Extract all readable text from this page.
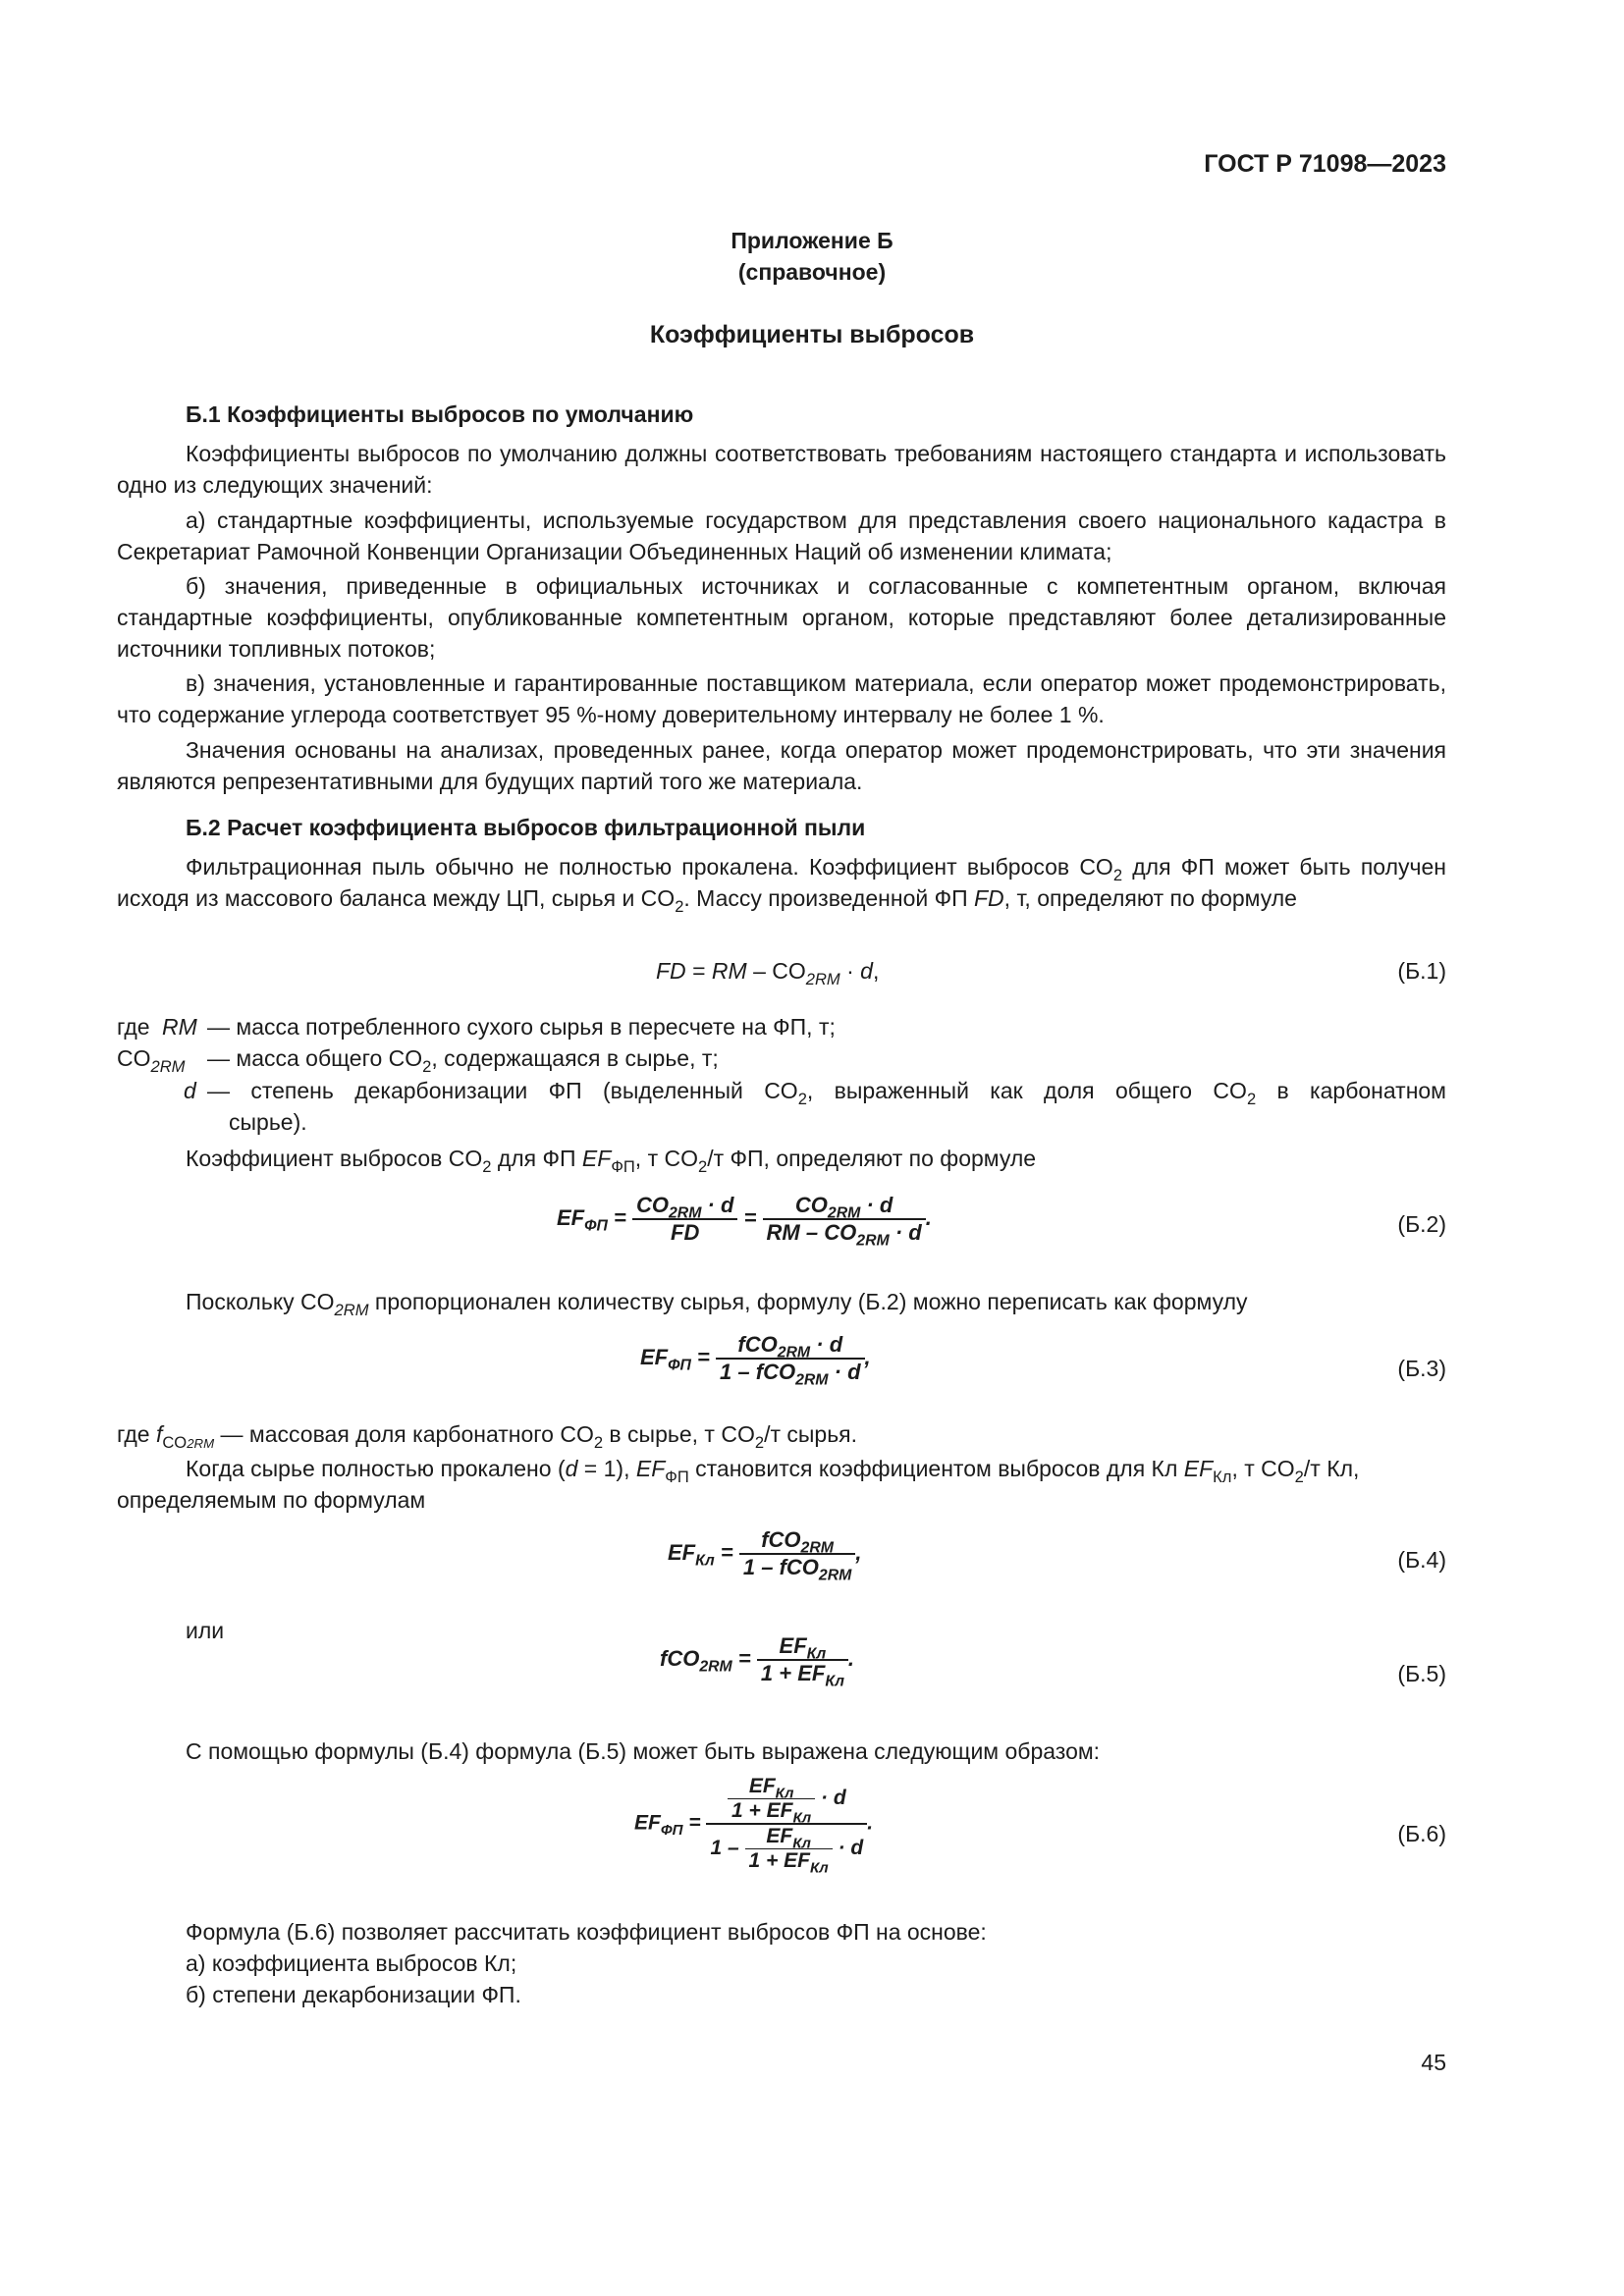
ГОСТ Р 71098—2023
Приложение Б
(справочное)
Коэффициенты выбросов
Б.1 Коэффициенты выбросов по умолчанию
Коэффициенты выбросов по умолчанию должны соответствовать требованиям настоящего стандарта и использовать одно из следующих значений:
а) стандартные коэффициенты, используемые государством для представления своего национального кадастра в Секретариат Рамочной Конвенции Организации Объединенных Наций об изменении климата;
б) значения, приведенные в официальных источниках и согласованные с компетентным органом, включая стандартные коэффициенты, опубликованные компетентным органом, которые представляют более детализированные источники топливных потоков;
в) значения, установленные и гарантированные поставщиком материала, если оператор может продемонстрировать, что содержание углерода соответствует 95 %-ному доверительному интервалу не более 1 %.
Значения основаны на анализах, проведенных ранее, когда оператор может продемонстрировать, что эти значения являются репрезентативными для будущих партий того же материала.
Б.2 Расчет коэффициента выбросов фильтрационной пыли
Фильтрационная пыль обычно не полностью прокалена. Коэффициент выбросов $CO_2$ для ФП может быть получен исходя из массового баланса между ЦП, сырья и $CO_2$. Массу произведенной ФП FD, т, определяют по формуле
FD = RM – $CO_{2RM} \cdot d$,	(Б.1)
где RM — масса потребленного сухого сырья в пересчете на ФП, т;
$CO_{2RM}$ — масса общего $CO_2$, содержащаяся в сырье, т;
d — степень декарбонизации ФП (выделенный $CO_2$, выраженный как доля общего $CO_2$ в карбонатном
сырье).
Коэффициент выбросов $CO_2$ для ФП $EF_{ФП}$, т $CO_2/т$ ФП, определяют по формуле
$EF_{ФП} = \frac{CO_{2RM} \cdot d}{FD} = \frac{CO_{2RM} \cdot d}{RM - CO_{2RM} \cdot d}$ .	(Б.2)
Поскольку $CO_{2RM}$ пропорционален количеству сырья, формулу (Б.2) можно переписать как формулу
$EF_{ФП} = \frac{fCO_{2RM} \cdot d}{1 - fCO_{2RM} \cdot d}$ ,	(Б.3)
где $f_{CO2RM}$ — массовая доля карбонатного $CO_2$ в сырье, т $CO_2/т$ сырья.
Когда сырье полностью прокалено (d = 1), $EF_{ФП}$ становится коэффициентом выбросов для Кл $EF_{Кл}$, т $CO_2/т$ Кл,
определяемым по формулам
$EF_{Кл} = \frac{fCO_{2RM}}{1 - fCO_{2RM}}$ ,	(Б.4)
или
$fCO_{2RM} = \frac{EF_{Кл}}{1 + EF_{Кл}}$ .
(Б.5)
С помощью формулы (Б.4) формула (Б.5) может быть выражена следующим образом:
$EF_{ФП} = \frac{\frac{EF_{Кл}}{1 + EF_{Кл}} \cdot d}{1 - \frac{EF_{Кл}}{1 + EF_{Кл}} \cdot d}$ .	(Б.6)
Формула (Б.6) позволяет рассчитать коэффициент выбросов ФП на основе:
а) коэффициента выбросов Кл;
б) степени декарбонизации ФП.
45
